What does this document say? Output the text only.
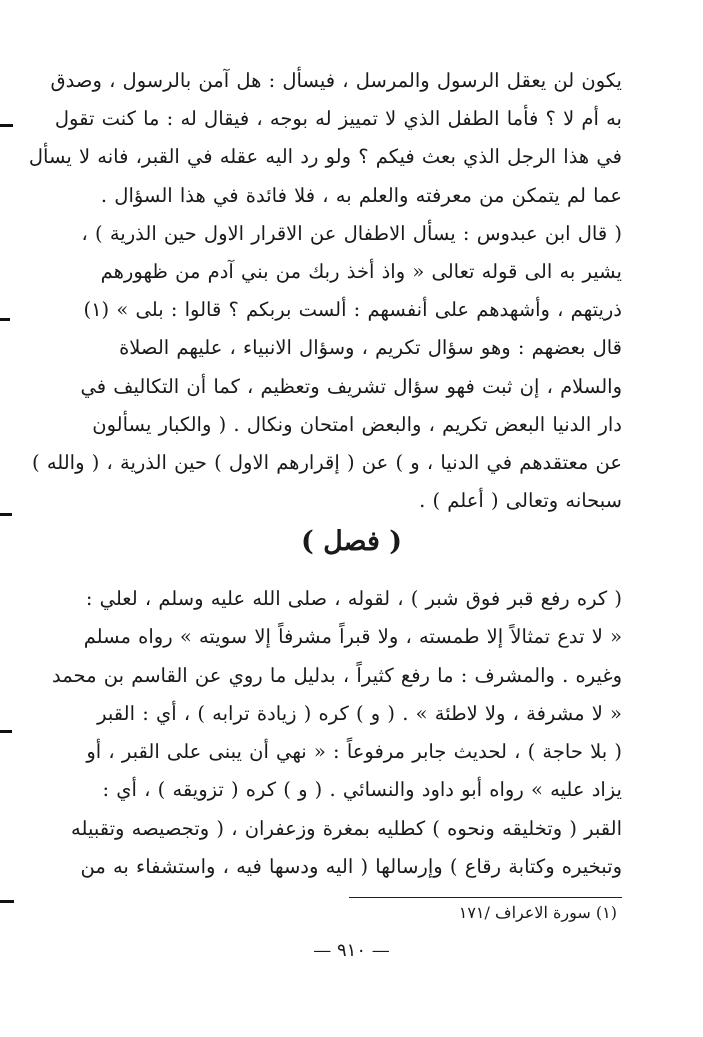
يكون لن يعقل الرسول والمرسل ، فيسأل : هل آمن بالرسول ، وصدق
به أم لا ؟ فأما الطفل الذي لا تمييز له بوجه ، فيقال له : ما كنت تقول
في هذا الرجل الذي بعث فيكم ؟ ولو رد اليه عقله في القبر، فانه لا يسأل
عما لم يتمكن من معرفته والعلم به ، فلا فائدة في هذا السؤال .
( قال ابن عبدوس : يسأل الاطفال عن الاقرار الاول حين الذرية ) ،
يشير به الى قوله تعالى « واذ أخذ ربك من بني آدم من ظهورهم
ذريتهم ، وأشهدهم على أنفسهم : ألست بربكم ؟ قالوا : بلى » (١)
قال بعضهم : وهو سؤال تكريم ، وسؤال الانبياء ، عليهم الصلاة
والسلام ، إن ثبت فهو سؤال تشريف وتعظيم ، كما أن التكاليف في
دار الدنيا البعض تكريم ، والبعض امتحان ونكال . ( والكبار يسألون
عن معتقدهم في الدنيا ، و ) عن ( إقرارهم الاول ) حين الذرية ، ( والله )
سبحانه وتعالى ( أعلم ) .
( فصل )
( كره رفع قبر فوق شبر ) ، لقوله ، صلى الله عليه وسلم ، لعلي :
« لا تدع تمثالاً إلا طمسته ، ولا قبراً مشرفاً إلا سويته » رواه مسلم
وغيره . والمشرف : ما رفع كثيراً ، بدليل ما روي عن القاسم بن محمد
« لا مشرفة ، ولا لاطئة » . ( و ) كره ( زيادة ترابه ) ، أي : القبر
( بلا حاجة ) ، لحديث جابر مرفوعاً : « نهي أن يبنى على القبر ، أو
يزاد عليه » رواه أبو داود والنسائي . ( و ) كره ( تزويقه ) ، أي :
القبر ( وتخليقه ونحوه ) كطليه بمغرة وزعفران ، ( وتجصيصه وتقبيله
وتبخيره وكتابة رقاع ) وإرسالها ( اليه ودسها فيه ، واستشفاء به من
(١) سورة الاعراف /١٧١
— ٩١٠ —
